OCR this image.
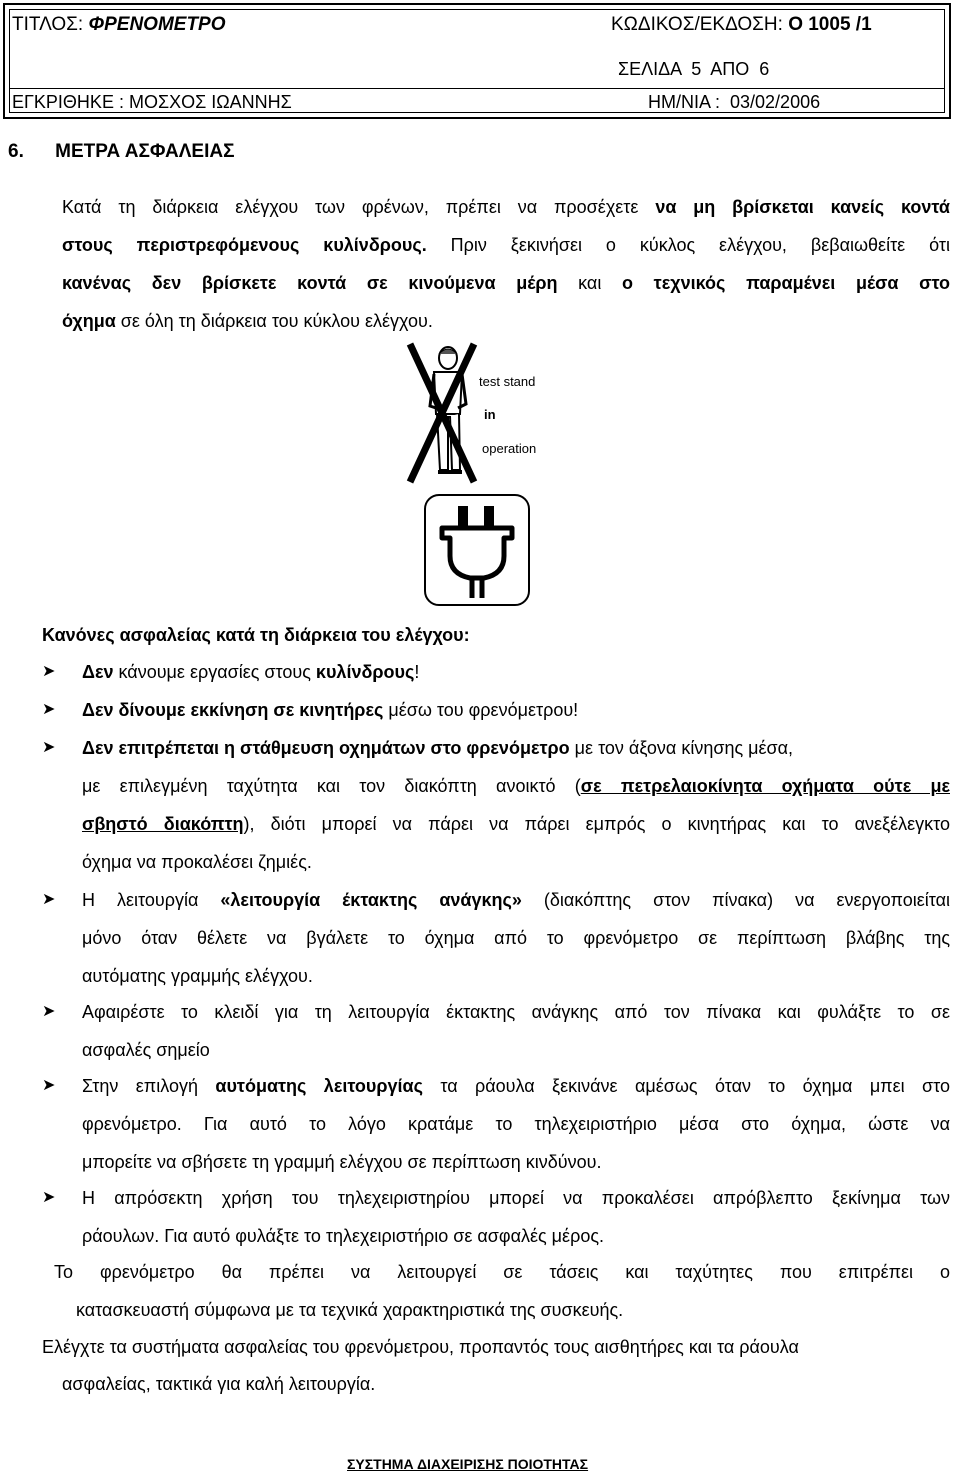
ΤΙΤΛΟΣ: ΦΡΕΝΟΜΕΤΡΟ	ΚΩΔΙΚΟΣ/ΕΚΔΟΣΗ: Ο 1005 /1
ΣΕΛΙΔΑ  5  ΑΠΟ  6
ΕΓΚΡΙΘΗΚΕ : ΜΟΣΧΟΣ ΙΩΑΝΝΗΣ	ΗΜ/ΝΙΑ :  03/02/2006
6. ΜΕΤΡΑ ΑΣΦΑΛΕΙΑΣ
Κατά τη διάρκεια ελέγχου των φρένων, πρέπει να προσέχετε να μη βρίσκεται κανείς κοντά
στους περιστρεφόμενους κυλίνδρους. Πριν ξεκινήσει ο κύκλος ελέγχου, βεβαιωθείτε ότι
κανένας δεν βρίσκετε κοντά σε κινούμενα μέρη και ο τεχνικός παραμένει μέσα στο
όχημα σε όλη τη διάρκεια του κύκλου ελέγχου.
test stand
in
operation
Κανόνες ασφαλείας κατά τη διάρκεια του ελέγχου:
➤ Δεν κάνουμε εργασίες στους κυλίνδρους!
➤ Δεν δίνουμε εκκίνηση σε κινητήρες μέσω του φρενόμετρου!
➤ Δεν επιτρέπεται η στάθμευση οχημάτων στο φρενόμετρο με τον άξονα κίνησης μέσα,
με επιλεγμένη ταχύτητα και τον διακόπτη ανοικτό (σε πετρελαιοκίνητα οχήματα ούτε με
σβηστό διακόπτη), διότι μπορεί να πάρει να πάρει εμπρός ο κινητήρας και το ανεξέλεγκτο
όχημα να προκαλέσει ζημιές.
➤ Η λειτουργία «λειτουργία έκτακτης ανάγκης» (διακόπτης στον πίνακα) να ενεργοποιείται
μόνο όταν θέλετε να βγάλετε το όχημα από το φρενόμετρο σε περίπτωση βλάβης της
αυτόματης γραμμής ελέγχου.
➤ Αφαιρέστε το κλειδί για τη λειτουργία έκτακτης ανάγκης από τον πίνακα και φυλάξτε το σε
ασφαλές σημείο
➤ Στην επιλογή αυτόματης λειτουργίας τα ράουλα ξεκινάνε αμέσως όταν το όχημα μπει στο
φρενόμετρο. Για αυτό το λόγο κρατάμε το τηλεχειριστήριο μέσα στο όχημα, ώστε να
μπορείτε να σβήσετε τη γραμμή ελέγχου σε περίπτωση κινδύνου.
➤ Η απρόσεκτη χρήση του τηλεχειριστηρίου μπορεί να προκαλέσει απρόβλεπτο ξεκίνημα των
ράουλων. Για αυτό φυλάξτε το τηλεχειριστήριο σε ασφαλές μέρος.
Το φρενόμετρο θα πρέπει να λειτουργεί σε τάσεις και ταχύτητες που επιτρέπει ο
κατασκευαστή σύμφωνα με τα τεχνικά χαρακτηριστικά της συσκευής.
Ελέγχτε τα συστήματα ασφαλείας του φρενόμετρου, προπαντός τους αισθητήρες και τα ράουλα
ασφαλείας, τακτικά για καλή λειτουργία.
ΣΥΣΤΗΜΑ ΔΙΑΧΕΙΡΙΣΗΣ ΠΟΙΟΤΗΤΑΣ
